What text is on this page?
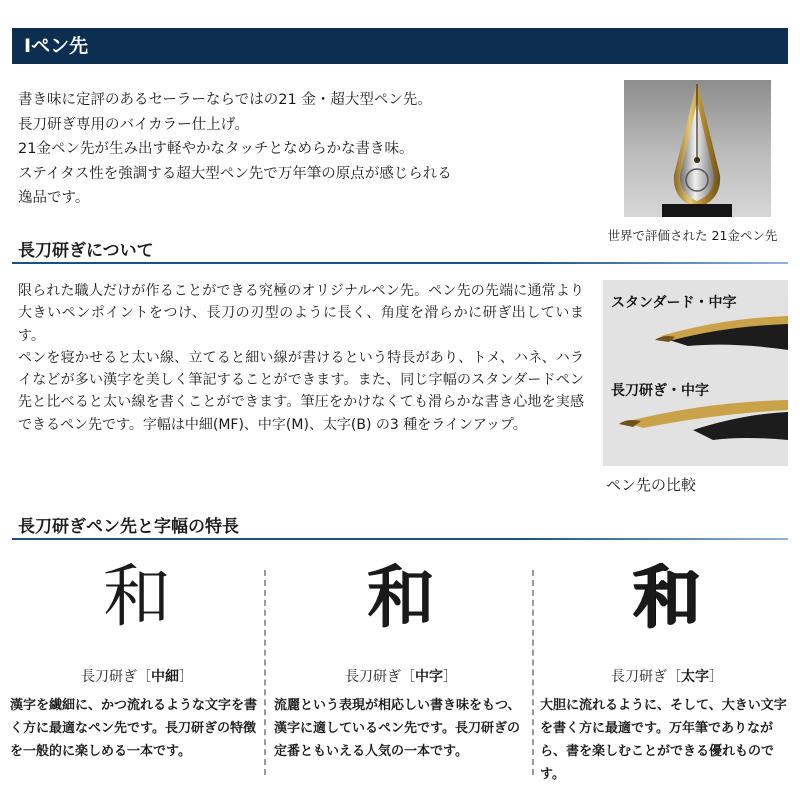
Ⅰペン先

書き味に定評のあるセーラーならではの21 金・超大型ペン先。

長刀研ぎ専用のバイカラー仕上げ。

21金ペン先が生み出す軽やかなタッチとなめらかな書き味。

ステイタス性を強調する超大型ペン先で万年筆の原点が感じられる

逸品です。

世界で評価された 21金ペン先
長刀研ぎについて

限られた職人だけが作ることができる究極のオリジナルペン先。ペン先の先端に通常より大きいペンポイントをつけ、長刀の刃型のように長く、角度を滑らかに研ぎ出しています。

ペンを寝かせると太い線、立てると細い線が書けるという特長があり、トメ、ハネ、ハライなどが多い漢字を美しく筆記することができます。また、同じ字幅のスタンダードペン先と比べると太い線を書くことができます。筆圧をかけなくても滑らかな書き心地を実感できるペン先です。字幅は中細(MF)、中字(M)、太字(B) の3 種をラインアップ。

スタンダード・中字
長刀研ぎ・中字
ペン先の比較
長刀研ぎペン先と字幅の特長
和
長刀研ぎ［中細］
漢字を繊細に、かつ流れるような文字を書く方に最適なペン先です。長刀研ぎの特徴を一般的に楽しめる一本です。
和
長刀研ぎ［中字］
流麗という表現が相応しい書き味をもつ、漢字に適しているペン先です。長刀研ぎの定番ともいえる人気の一本です。
和
長刀研ぎ［太字］
大胆に流れるように、そして、大きい文字を書く方に最適です。万年筆でありながら、書を楽しむことができる優れものです。
